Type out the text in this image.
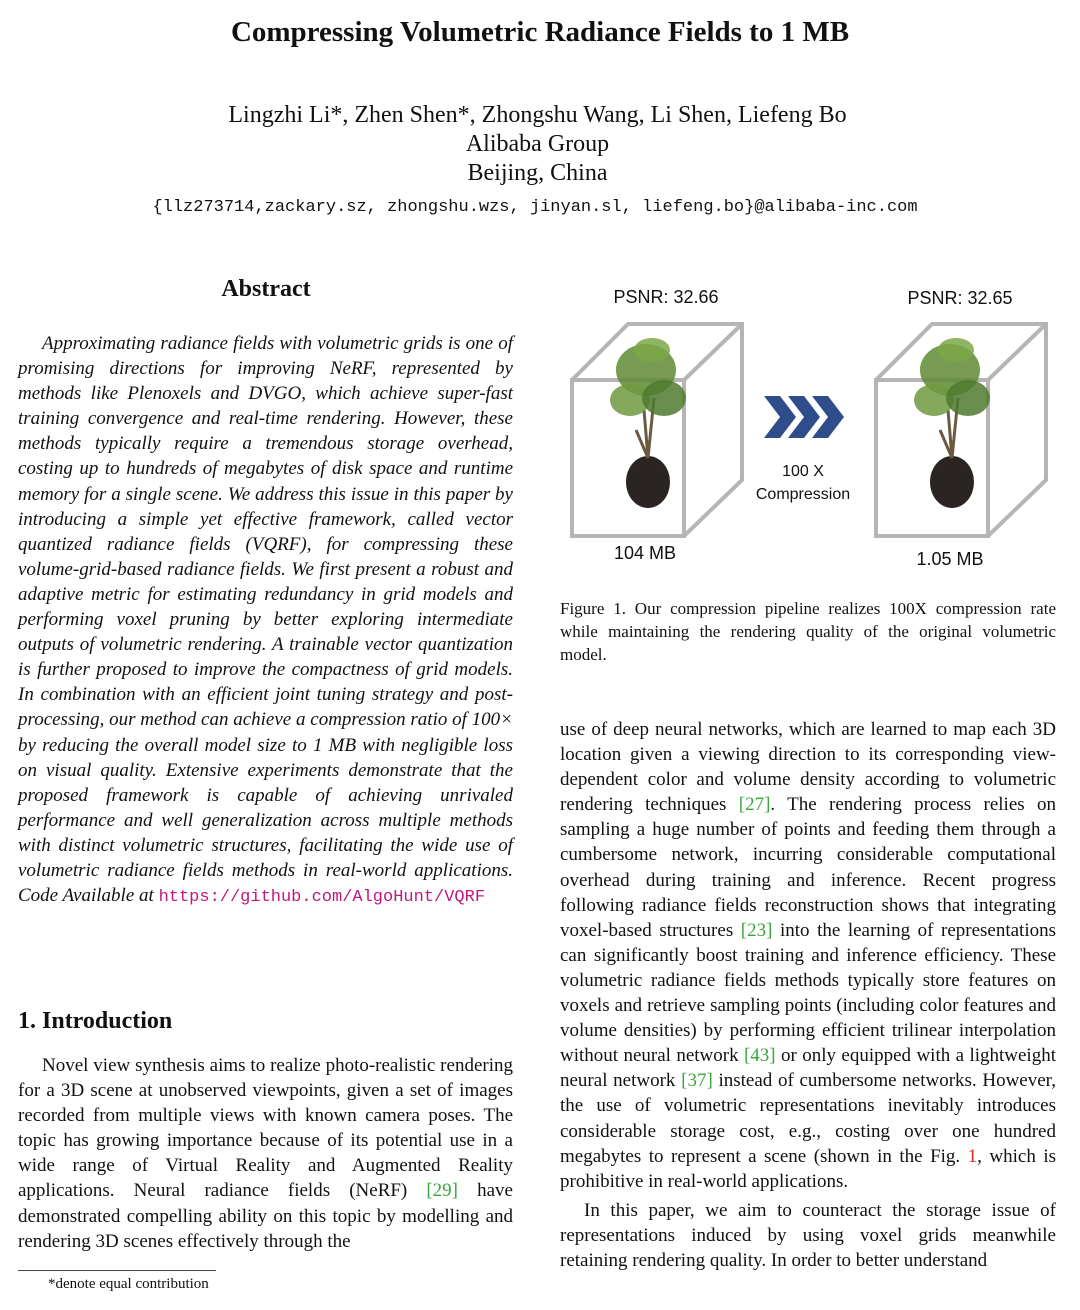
Compressing Volumetric Radiance Fields to 1 MB
Lingzhi Li*, Zhen Shen*, Zhongshu Wang, Li Shen, Liefeng Bo
Alibaba Group
Beijing, China
{llz273714,zackary.sz, zhongshu.wzs, jinyan.sl, liefeng.bo}@alibaba-inc.com
Abstract

Approximating radiance fields with volumetric grids is one of promising directions for improving NeRF, represented by methods like Plenoxels and DVGO, which achieve super-fast training convergence and real-time rendering. However, these methods typically require a tremendous storage overhead, costing up to hundreds of megabytes of disk space and runtime memory for a single scene. We address this issue in this paper by introducing a simple yet effective framework, called vector quantized radiance fields (VQRF), for compressing these volume-grid-based radiance fields. We first present a robust and adaptive metric for estimating redundancy in grid models and performing voxel pruning by better exploring intermediate outputs of volumetric rendering. A trainable vector quantization is further proposed to improve the compactness of grid models. In combination with an efficient joint tuning strategy and post-processing, our method can achieve a compression ratio of 100× by reducing the overall model size to 1 MB with negligible loss on visual quality. Extensive experiments demonstrate that the proposed framework is capable of achieving unrivaled performance and well generalization across multiple methods with distinct volumetric structures, facilitating the wide use of volumetric radiance fields methods in real-world applications. Code Available at https://github.com/AlgoHunt/VQRF

1. Introduction

Novel view synthesis aims to realize photo-realistic rendering for a 3D scene at unobserved viewpoints, given a set of images recorded from multiple views with known camera poses. The topic has growing importance because of its potential use in a wide range of Virtual Reality and Augmented Reality applications. Neural radiance fields (NeRF) [29] have demonstrated compelling ability on this topic by modelling and rendering 3D scenes effectively through the

*denote equal contribution
PSNR: 32.66	PSNR: 32.65
100 X
Compression
104 MB	1.05 MB
Figure 1. Our compression pipeline realizes 100X compression rate while maintaining the rendering quality of the original volumetric model.

use of deep neural networks, which are learned to map each 3D location given a viewing direction to its corresponding view-dependent color and volume density according to volumetric rendering techniques [27]. The rendering process relies on sampling a huge number of points and feeding them through a cumbersome network, incurring considerable computational overhead during training and inference. Recent progress following radiance fields reconstruction shows that integrating voxel-based structures [23] into the learning of representations can significantly boost training and inference efficiency. These volumetric radiance fields methods typically store features on voxels and retrieve sampling points (including color features and volume densities) by performing efficient trilinear interpolation without neural network [43] or only equipped with a lightweight neural network [37] instead of cumbersome networks. However, the use of volumetric representations inevitably introduces considerable storage cost, e.g., costing over one hundred megabytes to represent a scene (shown in the Fig. 1, which is prohibitive in real-world applications.

In this paper, we aim to counteract the storage issue of representations induced by using voxel grids meanwhile retaining rendering quality. In order to better understand
